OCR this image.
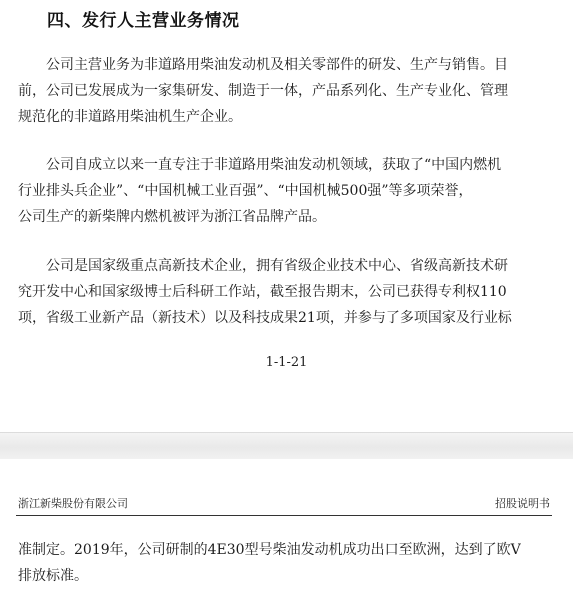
四、发行人主营业务情况
　　公司主营业务为非道路用柴油发动机及相关零部件的研发、生产与销售。目
前，公司已发展成为一家集研发、制造于一体，产品系列化、生产专业化、管理
规范化的非道路用柴油机生产企业。
　　公司自成立以来一直专注于非道路用柴油发动机领域，获取了“中国内燃机
行业排头兵企业”、“中国机械工业百强”、“中国机械500强”等多项荣誉，
公司生产的新柴牌内燃机被评为浙江省品牌产品。
　　公司是国家级重点高新技术企业，拥有省级企业技术中心、省级高新技术研
究开发中心和国家级博士后科研工作站，截至报告期末，公司已获得专利权110
项，省级工业新产品（新技术）以及科技成果21项，并参与了多项国家及行业标
1-1-21
浙江新柴股份有限公司	招股说明书
准制定。2019年，公司研制的4E30型号柴油发动机成功出口至欧洲，达到了欧V
排放标准。
